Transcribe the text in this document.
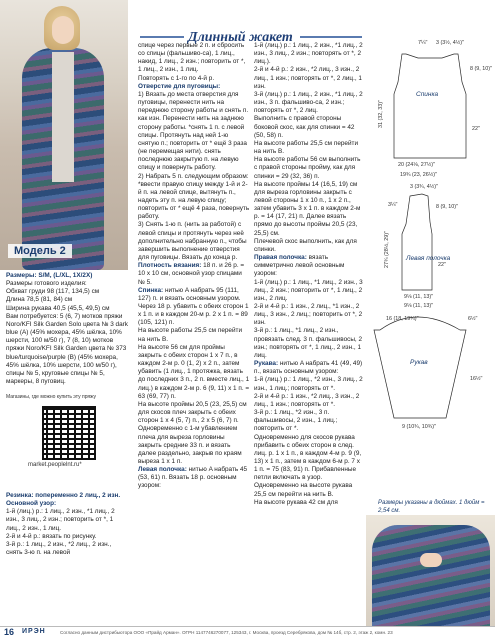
Модель 2
Длинный жакет

Размеры: S/M, (L/XL, 1X/2X)

Размеры готового изделия:

Обхват груди 98 (117, 134,5) см

Длина 78,5 (81, 84) см

Ширина рукава 40,5 (45,5, 49,5) см

Вам потребуется: 5 (6, 7) мотков пряжи Noro/KFI Silk Garden Solo цвета № 3 dark blue (A) (45% мохера, 45% шёлка, 10% шерсти, 100 м/50 г), 7 (8, 10) мотков пряжи Noro/KFI Silk Garden цвета № 373 blue/turquoise/purple (B) (45% мохера, 45% шёлка, 10% шерсти, 100 м/50 г), спицы № 5, круговые спицы № 5, маркеры, 8 пуговиц.

Магазины, где можно купить эту пряжу
market.peoplelnt.ru*

Резинка: попеременно 2 лиц., 2 изн.

Основной узор:

1-й (лиц.) р.: 1 лиц., 2 изн., *1 лиц., 2 изн., 3 лиц., 2 изн.; повторить от *, 1 лиц., 2 изн., 1 лиц.

2-й и 4-й р.: вязать по рисунку.

3-й р.: 1 лиц., 2 изн., *2 лиц., 2 изн., снять 3-ю п. на левой

спице через первые 2 п. и сбросить со спицы (фальшиво-са), 1 лиц., накид, 1 лиц., 2 изн.; повторить от *, 1 лиц., 2 изн., 1 лиц.

Повторять с 1-го по 4-й р.

Отверстие для пуговицы:

1) Вязать до места отверстия для пуговицы, перенести нить на переднюю сторону работы и снять п. как изн. Перенести нить на заднюю сторону работы. *снять 1 п. с левой спицы. Протянуть над ней 1-ю снятую п.; повторить от * ещё 3 раза (не перемещая нити). снять последнюю закрытую п. на левую спицу и повернуть работу.

2) Набрать 5 п. следующим образом: *ввести правую спицу между 1-й и 2-й п. на левой спице, вытянуть п., надеть эту п. на левую спицу; повторить от * ещё 4 раза, повернуть работу.

3) Снять 1-ю п. (нить за работой) с левой спицы и протянуть через неё дополнительно набранную п., чтобы завершить выполнение отверстия для пуговицы. Вязать до конца р.

Плотность вязания: 18 п. и 26 р. = 10 x 10 см, основной узор спицами № 5.

Спинка: нитью A набрать 95 (111, 127) п. и вязать основным узором. Через 18 р. убавить с обеих сторон 1 x 1 п. и в каждом 20-м р. 2 x 1 п. = 89 (105, 121) п.

На высоте работы 25,5 см перейти на нить B.

На высоте 56 см для проймы закрыть с обеих сторон 1 x 7 п., в каждом 2-м р. 0 (1, 2) x 2 п., затем убавить (1 лиц., 1 протяжка, вязать до последних 3 п., 2 п. вместе лиц., 1 лиц.) в каждом 2-м р. 6 (9, 11) x 1 п. = 63 (69, 77) п.

На высоте проймы 20,5 (23, 25,5) см для скосов плеч закрыть с обеих сторон 1 x 4 (5, 7) п., 2 x 5 (6, 7) п.

Одновременно с 1-м убавлением плеча для выреза горловины закрыть средние 33 п. и вязать далее раздельно, закрыв по краям выреза 1 x 1 п.

Левая полочка: нитью A набрать 45 (53, 61) п. Вязать 18 р. основным узором:

1-й (лиц.) р.: 1 лиц., 2 изн., *1 лиц., 2 изн., 3 лиц., 2 изн.; повторять от *, 2 лиц.).

2-й и 4-й р.: 2 изн., *2 лиц., 3 изн., 2 лиц., 1 изн.; повторять от *, 2 лиц., 1 изн.

3-й (лиц.) р.: 1 лиц., 2 изн., *1 лиц., 2 изн., 3 п. фальшиво-са, 2 изн.; повторять от *, 2 лиц.

Выполнить с правой стороны боковой скос, как для спинки = 42 (50, 58) п.

На высоте работы 25,5 см перейти на нить B.

На высоте работы 56 см выполнить с правой стороны пройму, как для спинки = 29 (32, 36) п.

На высоте проймы 14 (16,5, 19) см для выреза горловины закрыть с левой стороны 1 x 10 п., 1 x 2 п., затем убавить 3 x 1 п. в каждом 2-м р. = 14 (17, 21) п. Далее вязать прямо до высоты проймы 20,5 (23, 25,5) см.

Плечевой скос выполнить, как для спинки.

Правая полочка: вязать симметрично левой основным узором:

1-й (лиц.) р.: 1 лиц., *1 лиц., 2 изн., 3 лиц., 2 изн.; повторить от *, 1 лиц., 2 изн., 2 лиц.

2-й и 4-й р.: 1 изн., 2 лиц., *1 изн., 2 лиц., 3 изн., 2 лиц.; повторить от *, 2 изн.

3-й р.: 1 лиц., *1 лиц., 2 изн., провязать след. 3 п. фальшивосы, 2 изн.; повторять от *, 1 лиц., 2 изн., 1 лиц.

Рукава: нитью A набрать 41 (49, 49) п., вязать основным узором:

1-й (лиц.) р.: 1 лиц., *2 изн., 3 лиц., 2 изн., 1 лиц.; повторять от *.

2-й и 4-й р.: 1 изн., *2 лиц., 3 изн., 2 лиц., 1 изн.; повторять от *.

3-й р.: 1 лиц., *2 изн., 3 п. фальшивосы, 2 изн., 1 лиц.; повторить от *.

Одновременно для скосов рукава прибавить с обеих сторон в след. лиц. р. 1 x 1 п., в каждом 4-м р. 9 (9, 13) x 1 п., затем в каждом 6-м р. 7 x 1 п. = 75 (83, 91) п. Прибавленные петли включать в узор.

Одновременно на высоте рукава 25,5 см перейти на нить B.

На высоте рукава 42 см для

Спинка
7¼" 3 (3½, 4½)"
8 (9, 10)"
22"
31 (32, 33)"
20 (24⅛, 27½)"
19¾ (23, 26½)"
Левая полочка
3 (3¾, 4½)"
3¼"	8 (9, 10)"
22"
27¾ (28½, 29)"
9⅛ (11, 13)"
9⅛ (11, 13)"
Рукав
16 (18, 19¾)"	6½"
16½"
9 (10¾, 10¾)"
Размеры указаны в дюймах. 1 дюйм = 2,54 см.
16 ИРЭН	Согласно данным дистрибьютора ООО «Прайд Арман». ОГРН 1147746270077, 125343, г. Москва, проезд Серебрякова, дом № 14б, стр. 2, этаж 2, комн. 23
